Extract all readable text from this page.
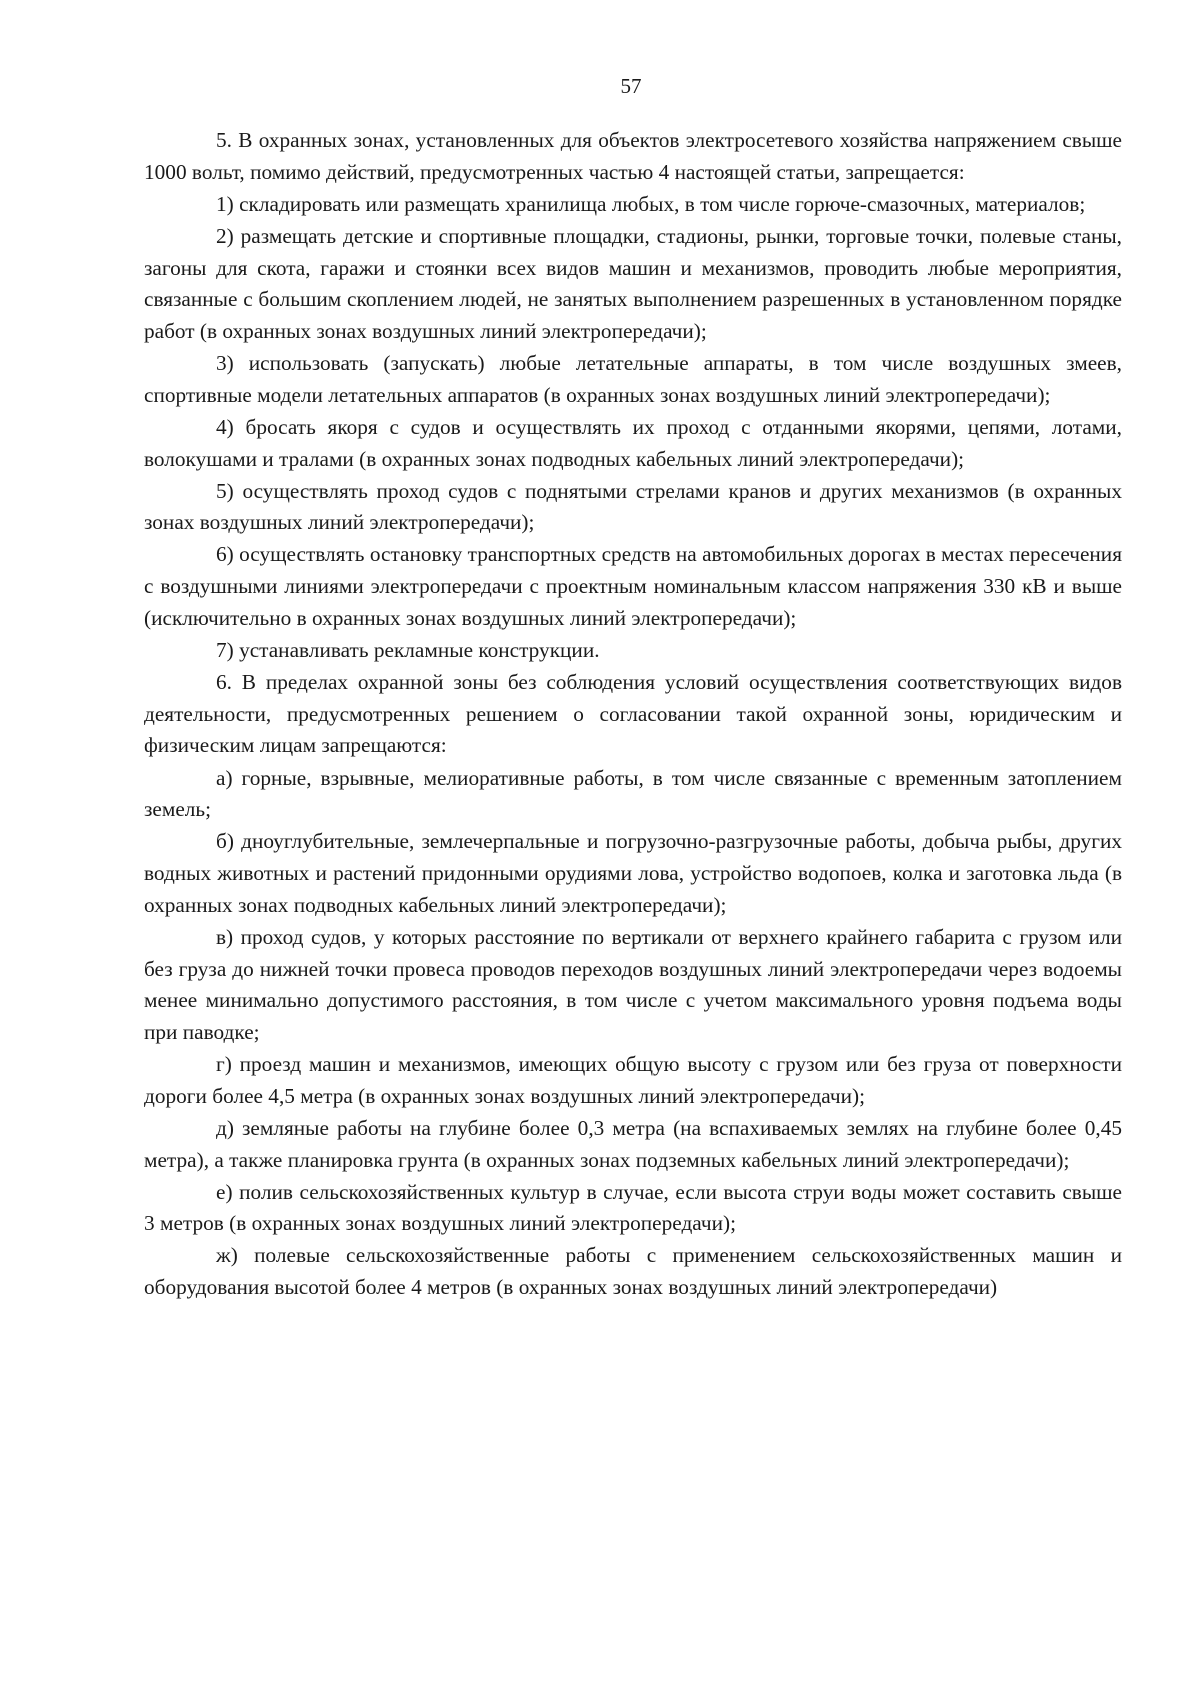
57

5. В охранных зонах, установленных для объектов электросетевого хозяйства напряжением свыше 1000 вольт, помимо действий, предусмотренных частью 4 настоящей статьи, запрещается:

1) складировать или размещать хранилища любых, в том числе горюче-смазочных, материалов;

2) размещать детские и спортивные площадки, стадионы, рынки, торговые точки, полевые станы, загоны для скота, гаражи и стоянки всех видов машин и механизмов, проводить любые мероприятия, связанные с большим скоплением людей, не занятых выполнением разрешенных в установленном порядке работ (в охранных зонах воздушных линий электропередачи);

3) использовать (запускать) любые летательные аппараты, в том числе воздушных змеев, спортивные модели летательных аппаратов (в охранных зонах воздушных линий электропередачи);

4) бросать якоря с судов и осуществлять их проход с отданными якорями, цепями, лотами, волокушами и тралами (в охранных зонах подводных кабельных линий электропередачи);

5) осуществлять проход судов с поднятыми стрелами кранов и других механизмов (в охранных зонах воздушных линий электропередачи);

6) осуществлять остановку транспортных средств на автомобильных дорогах в местах пересечения с воздушными линиями электропередачи с проектным номинальным классом напряжения 330 кВ и выше (исключительно в охранных зонах воздушных линий электропередачи);

7) устанавливать рекламные конструкции.

6. В пределах охранной зоны без соблюдения условий осуществления соответствующих видов деятельности, предусмотренных решением о согласовании такой охранной зоны, юридическим и физическим лицам запрещаются:

а) горные, взрывные, мелиоративные работы, в том числе связанные с временным затоплением земель;

б) дноуглубительные, землечерпальные и погрузочно-разгрузочные работы, добыча рыбы, других водных животных и растений придонными орудиями лова, устройство водопоев, колка и заготовка льда (в охранных зонах подводных кабельных линий электропередачи);

в) проход судов, у которых расстояние по вертикали от верхнего крайнего габарита с грузом или без груза до нижней точки провеса проводов переходов воздушных линий электропередачи через водоемы менее минимально допустимого расстояния, в том числе с учетом максимального уровня подъема воды при паводке;

г) проезд машин и механизмов, имеющих общую высоту с грузом или без груза от поверхности дороги более 4,5 метра (в охранных зонах воздушных линий электропередачи);

д) земляные работы на глубине более 0,3 метра (на вспахиваемых землях на глубине более 0,45 метра), а также планировка грунта (в охранных зонах подземных кабельных линий электропередачи);

е) полив сельскохозяйственных культур в случае, если высота струи воды может составить свыше 3 метров (в охранных зонах воздушных линий электропередачи);

ж) полевые сельскохозяйственные работы с применением сельскохозяйственных машин и оборудования высотой более 4 метров (в охранных зонах воздушных линий электропередачи)
